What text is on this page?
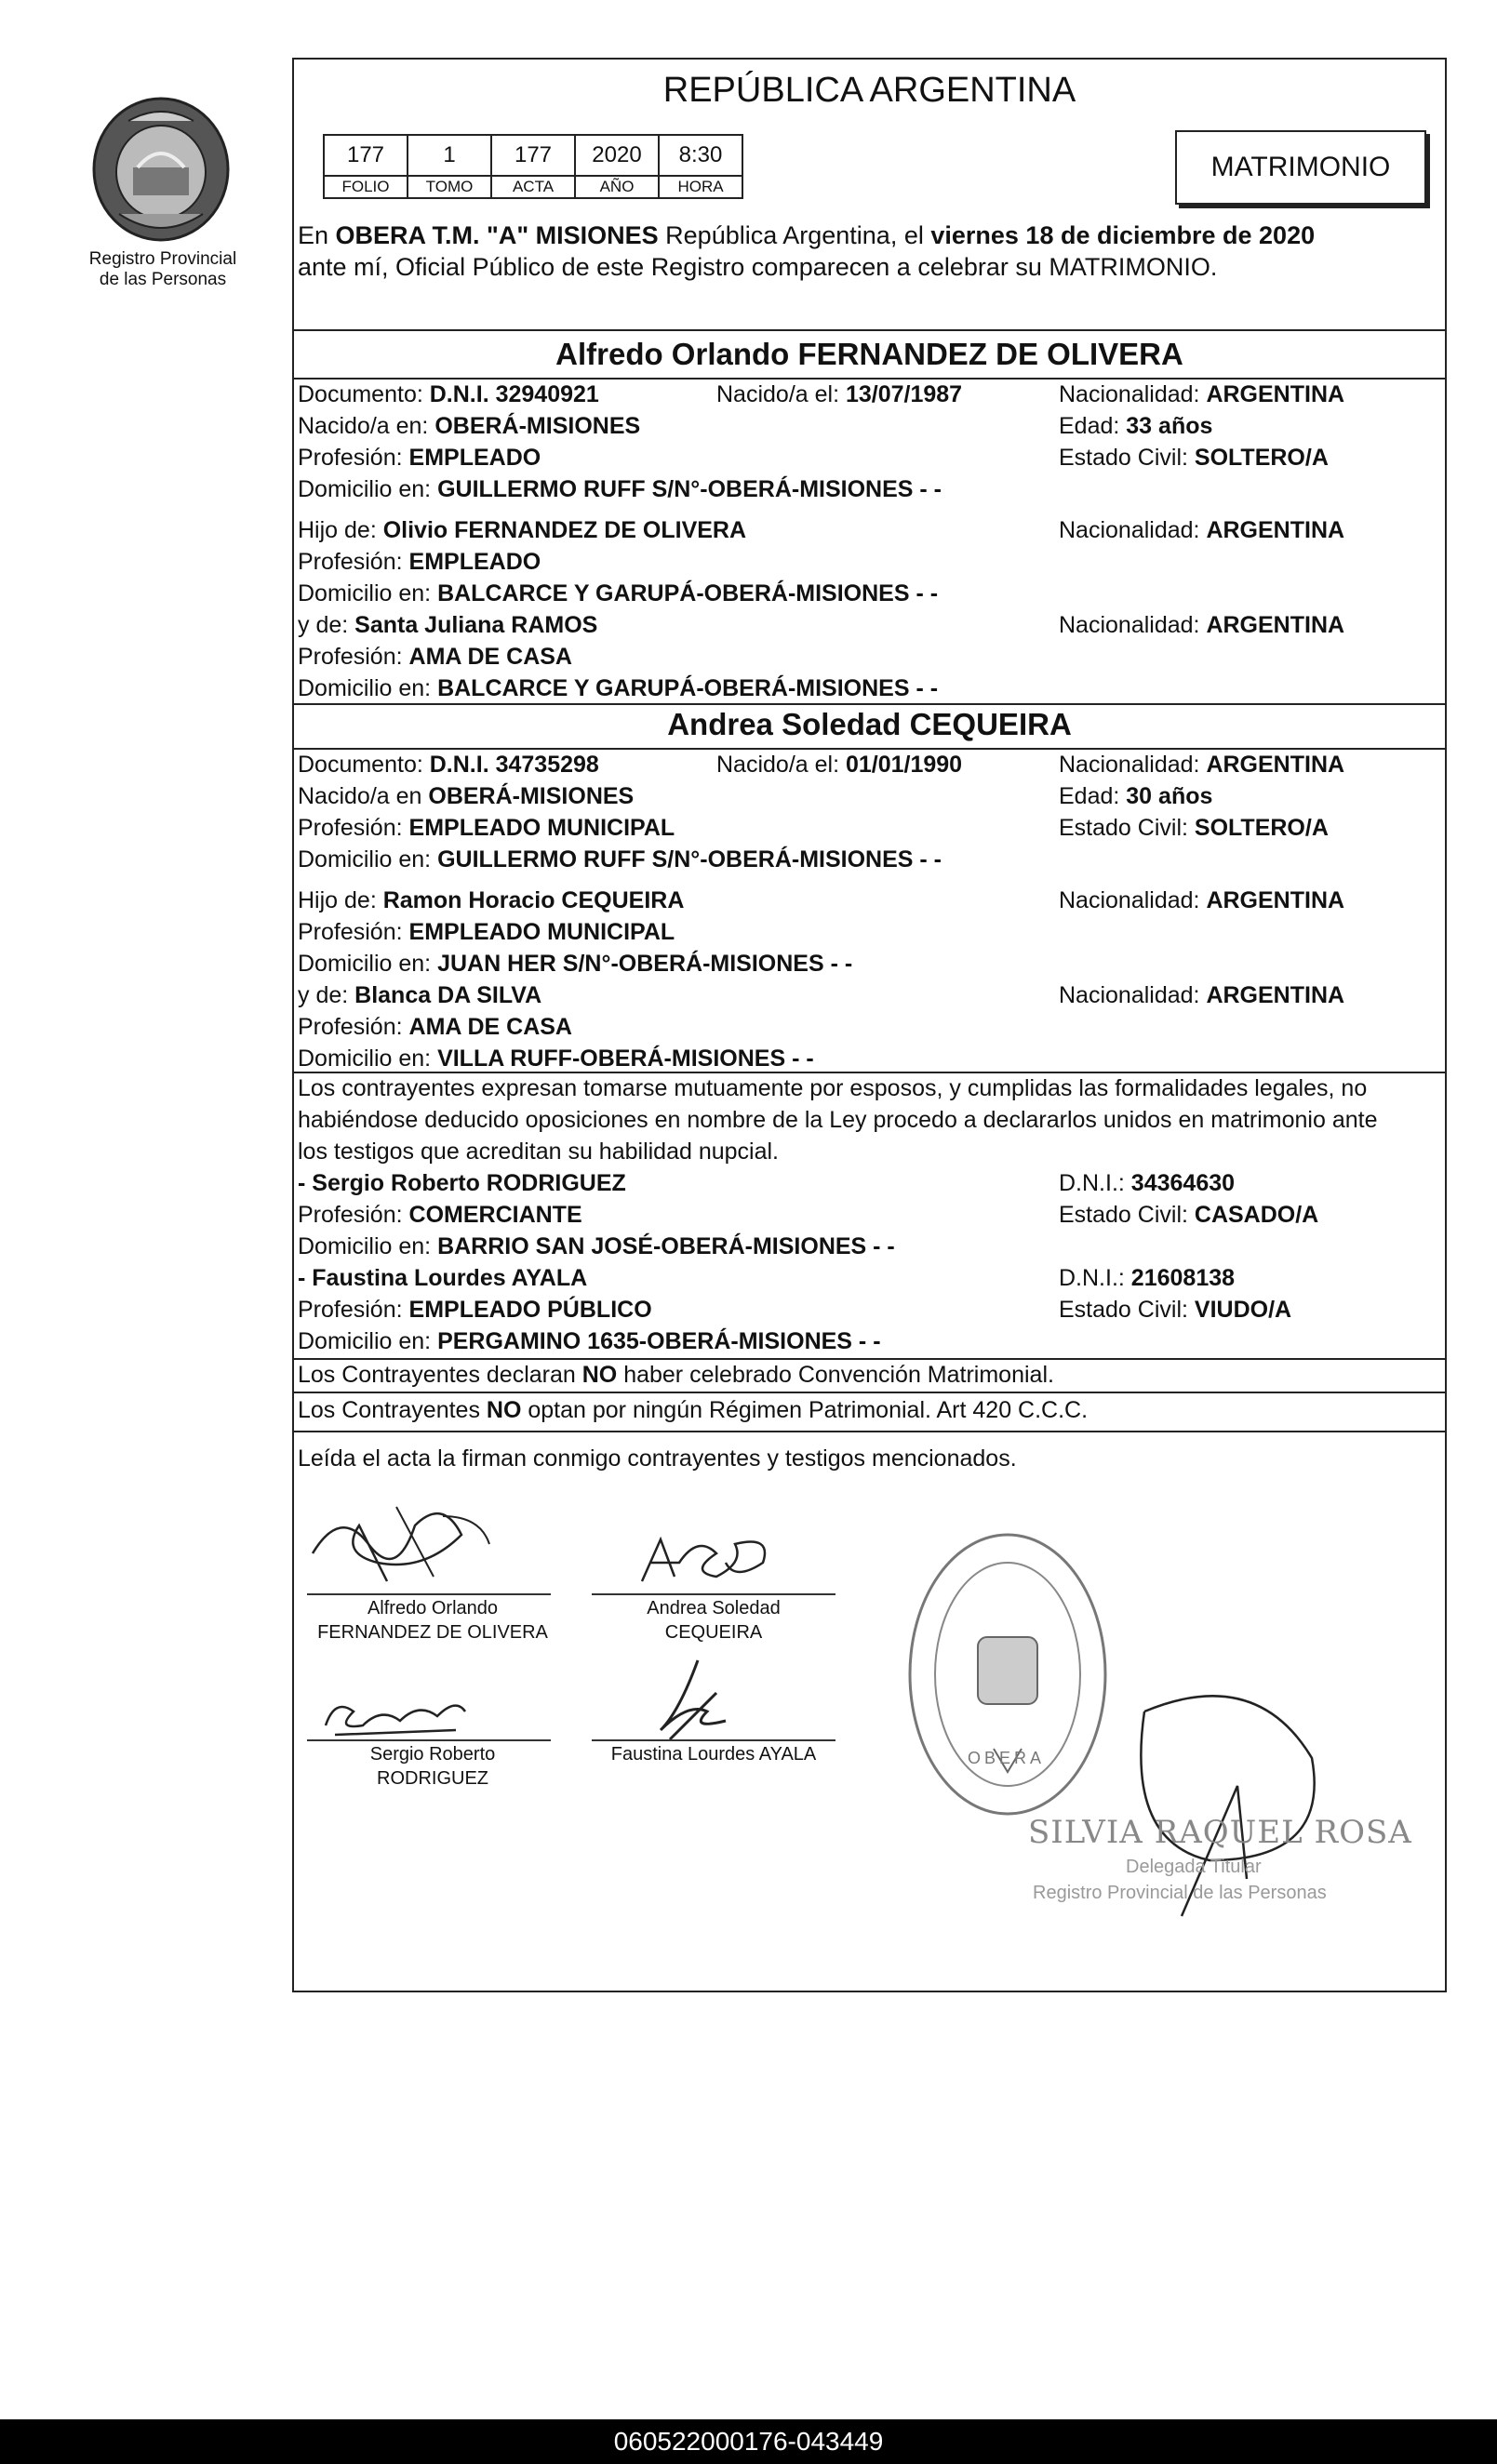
Registro Provincial
de las Personas
REPÚBLICA ARGENTINA
177	1	177	2020	8:30
FOLIO	TOMO	ACTA	AÑO	HORA
MATRIMONIO
En OBERA T.M. "A" MISIONES República Argentina, el viernes 18 de diciembre de 2020
ante mí, Oficial Público de este Registro comparecen a celebrar su MATRIMONIO.
Alfredo Orlando FERNANDEZ DE OLIVERA
Documento: D.N.I. 32940921	Nacido/a el: 13/07/1987	Nacionalidad: ARGENTINA
Nacido/a en: OBERÁ-MISIONES	Edad: 33 años
Profesión: EMPLEADO	Estado Civil: SOLTERO/A
Domicilio en: GUILLERMO RUFF S/N°-OBERÁ-MISIONES - -
Hijo de: Olivio FERNANDEZ DE OLIVERA	Nacionalidad: ARGENTINA
Profesión: EMPLEADO
Domicilio en: BALCARCE Y GARUPÁ-OBERÁ-MISIONES - -
y de: Santa Juliana RAMOS	Nacionalidad: ARGENTINA
Profesión: AMA DE CASA
Domicilio en: BALCARCE Y GARUPÁ-OBERÁ-MISIONES - -
Andrea Soledad CEQUEIRA
Documento: D.N.I. 34735298	Nacido/a el: 01/01/1990	Nacionalidad: ARGENTINA
Nacido/a en OBERÁ-MISIONES	Edad: 30 años
Profesión: EMPLEADO MUNICIPAL	Estado Civil: SOLTERO/A
Domicilio en: GUILLERMO RUFF S/N°-OBERÁ-MISIONES - -
Hijo de: Ramon Horacio CEQUEIRA	Nacionalidad: ARGENTINA
Profesión: EMPLEADO MUNICIPAL
Domicilio en: JUAN HER S/N°-OBERÁ-MISIONES - -
y de: Blanca DA SILVA	Nacionalidad: ARGENTINA
Profesión: AMA DE CASA
Domicilio en: VILLA RUFF-OBERÁ-MISIONES - -
Los contrayentes expresan tomarse mutuamente por esposos, y cumplidas las formalidades legales, no
habiéndose deducido oposiciones en nombre de la Ley procedo a declararlos unidos en matrimonio ante
los testigos que acreditan su habilidad nupcial.
- Sergio Roberto RODRIGUEZ	D.N.I.: 34364630
Profesión: COMERCIANTE	Estado Civil: CASADO/A
Domicilio en: BARRIO SAN JOSÉ-OBERÁ-MISIONES - -
- Faustina Lourdes AYALA	D.N.I.: 21608138
Profesión: EMPLEADO PÚBLICO	Estado Civil: VIUDO/A
Domicilio en: PERGAMINO 1635-OBERÁ-MISIONES - -
Los Contrayentes declaran NO haber celebrado Convención Matrimonial.
Los Contrayentes NO optan por ningún Régimen Patrimonial. Art 420 C.C.C.
Leída el acta la firman conmigo contrayentes y testigos mencionados.
Alfredo Orlando
FERNANDEZ DE OLIVERA
Andrea Soledad
CEQUEIRA
Sergio Roberto
RODRIGUEZ
Faustina Lourdes AYALA	OBERA
SILVIA RAQUEL ROSA
Delegada Titular
Registro Provincial de las Personas
060522000176-043449
